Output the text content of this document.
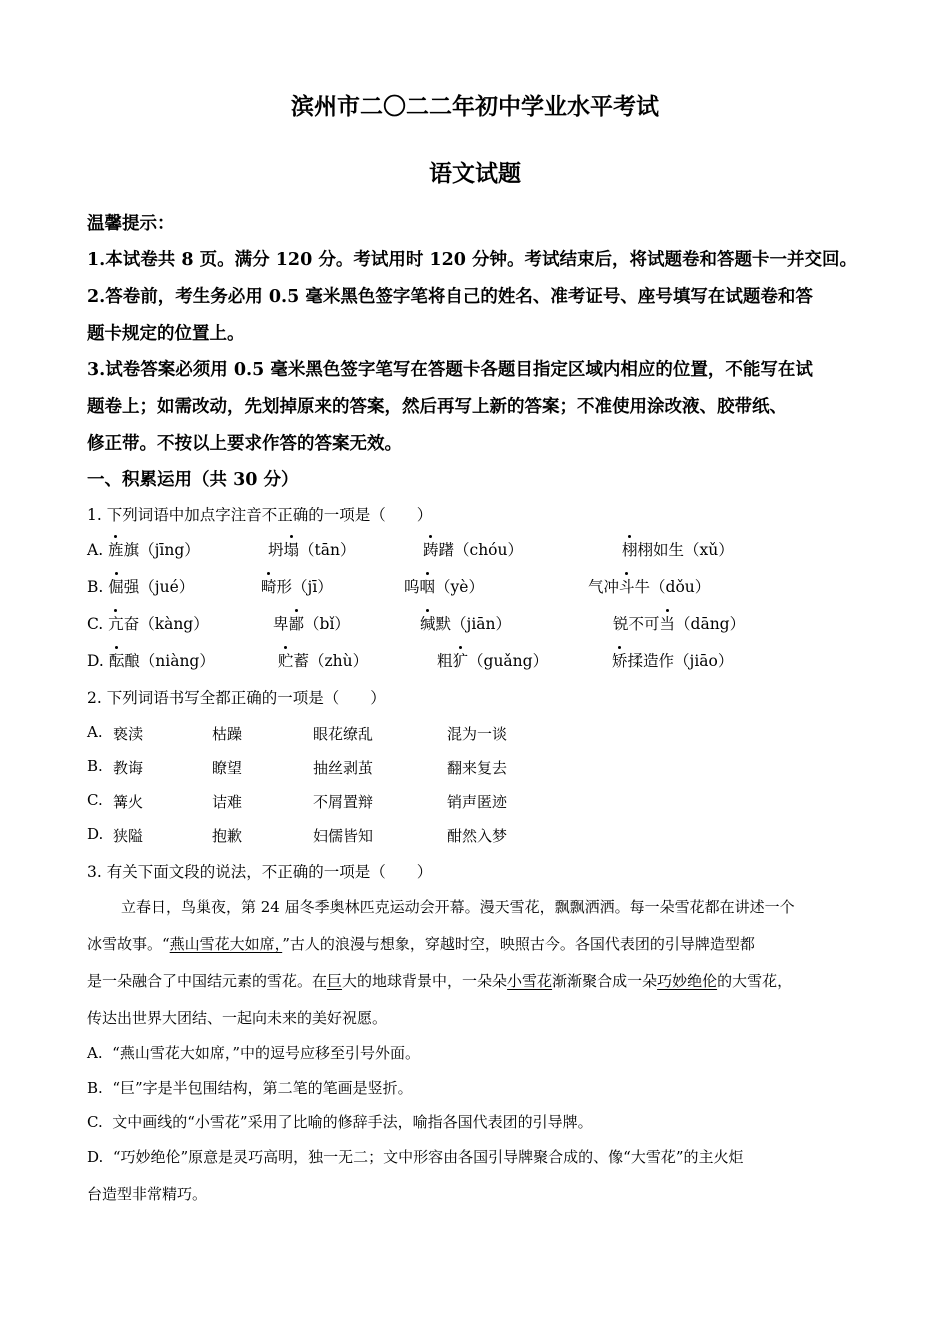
滨州市二〇二二年初中学业水平考试
语文试题
温馨提示：
1.本试卷共 8 页。满分 120 分。考试用时 120 分钟。考试结束后，将试题卷和答题卡一并交回。
2.答卷前，考生务必用 0.5 毫米黑色签字笔将自己的姓名、准考证号、座号填写在试题卷和答
题卡规定的位置上。
3.试卷答案必须用 0.5 毫米黑色签字笔写在答题卡各题目指定区域内相应的位置，不能写在试
题卷上；如需改动，先划掉原来的答案，然后再写上新的答案；不准使用涂改液、胶带纸、
修正带。不按以上要求作答的答案无效。
一、积累运用（共 30 分）
1. 下列词语中加点字注音不正确的一项是（　　）
A. 旌旗（jīng）	坍塌（tān）	踌躇（chóu）	栩栩如生（xǔ）
B. 倔强（jué）	畸形（jī）	呜咽（yè）	气冲斗牛（dǒu）
C. 亢奋（kàng）	卑鄙（bǐ）	缄默（jiān）	锐不可当（dāng）
D. 酝酿（niàng）	贮蓄（zhù）	粗犷（guǎng）	矫揉造作（jiāo）
2. 下列词语书写全都正确的一项是（　　）
A. 亵渎	枯躁	眼花缭乱	混为一谈
B. 教诲	瞭望	抽丝剥茧	翻来复去
C. 篝火	诘难	不屑置辩	销声匿迹
D. 狭隘	抱歉	妇儒皆知	酣然入梦
3. 有关下面文段的说法，不正确的一项是（　　）
立春日，鸟巢夜，第 24 届冬季奥林匹克运动会开幕。漫天雪花，飘飘洒洒。每一朵雪花都在讲述一个
冰雪故事。“燕山雪花大如席，”古人的浪漫与想象，穿越时空，映照古今。各国代表团的引导牌造型都
是一朵融合了中国结元素的雪花。在巨大的地球背景中，一朵朵小雪花渐渐聚合成一朵巧妙绝伦的大雪花，
传达出世界大团结、一起向未来的美好祝愿。
A. “燕山雪花大如席，”中的逗号应移至引号外面。
B. “巨”字是半包围结构，第二笔的笔画是竖折。
C. 文中画线的“小雪花”采用了比喻的修辞手法，喻指各国代表团的引导牌。
D. “巧妙绝伦”原意是灵巧高明，独一无二；文中形容由各国引导牌聚合成的、像“大雪花”的主火炬
台造型非常精巧。
